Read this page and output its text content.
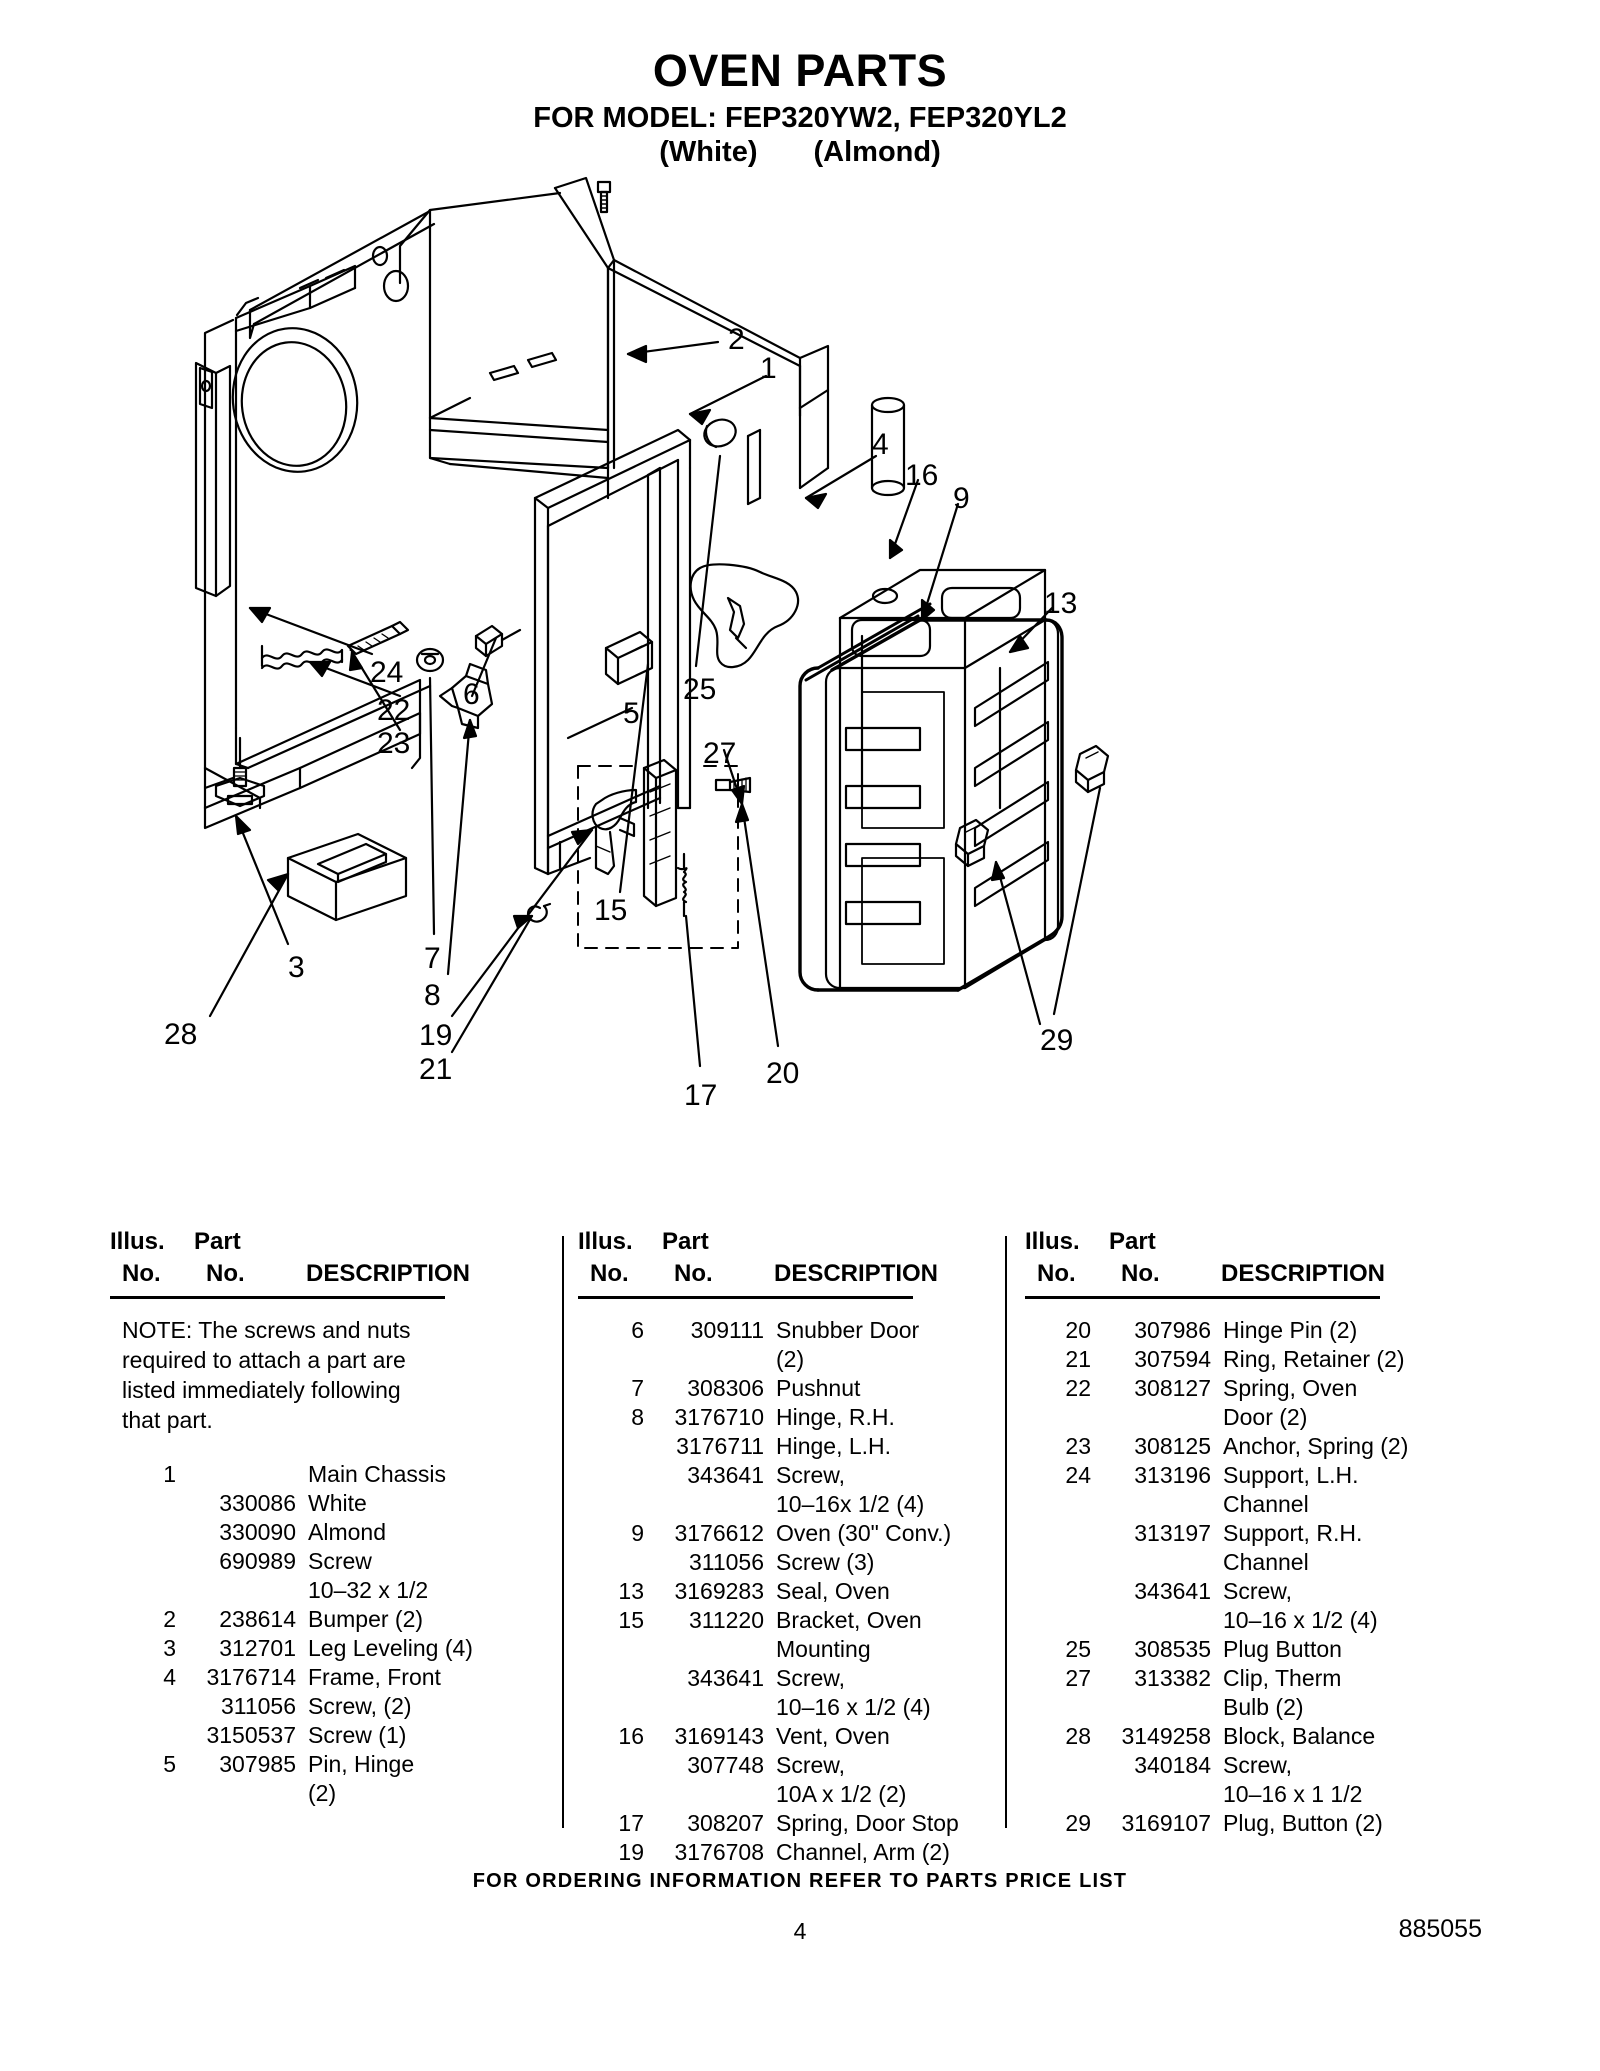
OVEN PARTS
FOR MODEL: FEP320YW2, FEP320YL2
(White) (Almond)
2
1
4
16
9
13
24
25
6
22	5
23	27
15
3	7
8
28	19	29
21	20
17
Illus. Part
No. No.	DESCRIPTION
NOTE: The screws and nuts required to attach a part are listed immediately following that part.
1	Main Chassis
330086 White
330090 Almond
690989 Screw
10–32 x 1/2
2	238614 Bumper (2)
3	312701 Leg Leveling (4)
4	3176714 Frame, Front
311056 Screw, (2)
3150537 Screw (1)
5	307985 Pin, Hinge
(2)
Illus. Part
No. No.	DESCRIPTION
6	309111 Snubber Door
(2)
7	308306 Pushnut
8	3176710 Hinge, R.H.
3176711 Hinge, L.H.
343641 Screw,
10–16x 1/2 (4)
9	3176612 Oven (30" Conv.)
311056 Screw (3)
13	3169283 Seal, Oven
15	311220 Bracket, Oven
Mounting
343641 Screw,
10–16 x 1/2 (4)
16	3169143 Vent, Oven
307748 Screw,
10A x 1/2 (2)
17	308207 Spring, Door Stop
19	3176708 Channel, Arm (2)
Illus. Part
No. No.	DESCRIPTION
20	307986 Hinge Pin (2)
21	307594 Ring, Retainer (2)
22	308127 Spring, Oven
Door (2)
23	308125 Anchor, Spring (2)
24	313196 Support, L.H.
Channel
313197 Support, R.H.
Channel
343641 Screw,
10–16 x 1/2 (4)
25	308535 Plug Button
27	313382 Clip, Therm
Bulb (2)
28	3149258 Block, Balance
340184 Screw,
10–16 x 1 1/2
29	3169107 Plug, Button (2)
FOR ORDERING INFORMATION REFER TO PARTS PRICE LIST
4	885055
